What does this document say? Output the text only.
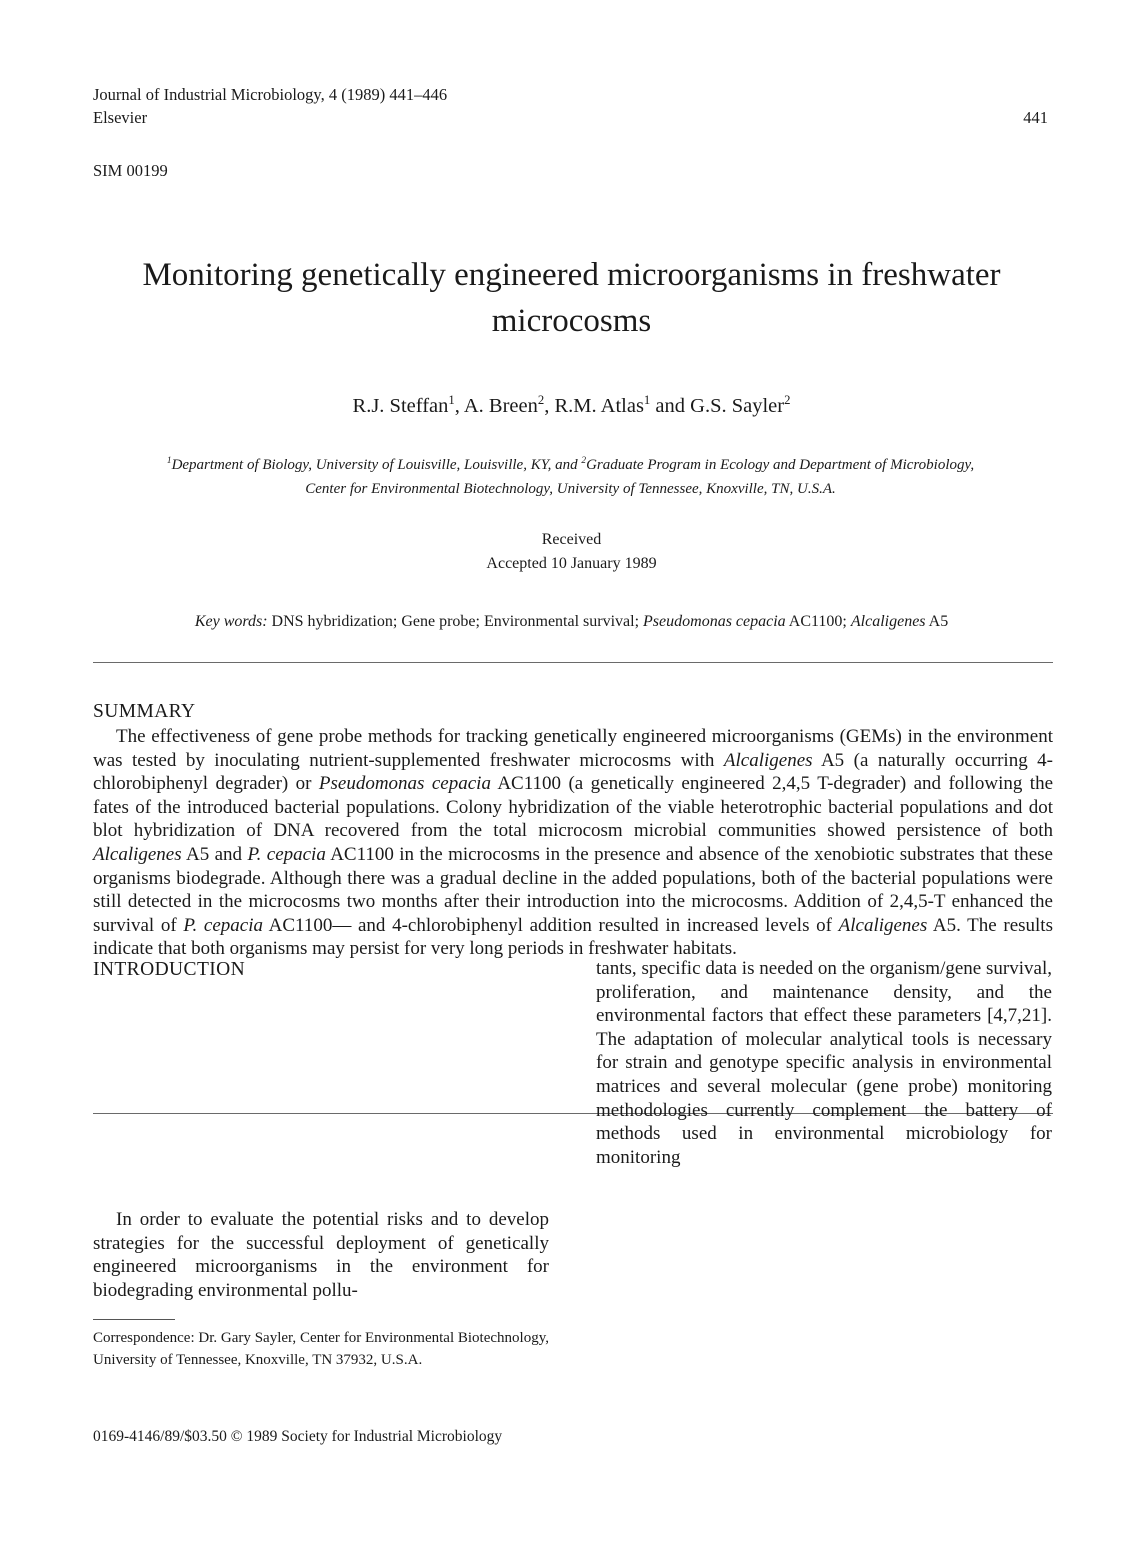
Journal of Industrial Microbiology, 4 (1989) 441–446
Elsevier	441
SIM 00199
Monitoring genetically engineered microorganisms in freshwater
microcosms
R.J. Steffan$^1$, A. Breen$^2$, R.M. Atlas$^1$ and G.S. Sayler$^2$
$^1$Department of Biology, University of Louisville, Louisville, KY, and $^2$Graduate Program in Ecology and Department of Microbiology,
Center for Environmental Biotechnology, University of Tennessee, Knoxville, TN, U.S.A.
Received
Accepted 10 January 1989
Key words: DNS hybridization; Gene probe; Environmental survival; Pseudomonas cepacia AC1100; Alcaligenes A5
SUMMARY
The effectiveness of gene probe methods for tracking genetically engineered microorganisms (GEMs) in the environment was tested by inoculating nutrient-supplemented freshwater microcosms with Alcaligenes A5 (a naturally occurring 4-chlorobiphenyl degrader) or Pseudomonas cepacia AC1100 (a genetically engineered 2,4,5 T-degrader) and following the fates of the introduced bacterial populations. Colony hybridization of the viable heterotrophic bacterial populations and dot blot hybridization of DNA recovered from the total microcosm microbial communities showed persistence of both Alcaligenes A5 and P. cepacia AC1100 in the microcosms in the presence and absence of the xenobiotic substrates that these organisms biodegrade. Although there was a gradual decline in the added populations, both of the bacterial populations were still detected in the microcosms two months after their introduction into the microcosms. Addition of 2,4,5-T enhanced the survival of P. cepacia AC1100— and 4-chlorobiphenyl addition resulted in increased levels of Alcaligenes A5. The results indicate that both organisms may persist for very long periods in freshwater habitats.
INTRODUCTION
In order to evaluate the potential risks and to develop strategies for the successful deployment of genetically engineered microorganisms in the environment for biodegrading environmental pollu-
tants, specific data is needed on the organism/gene survival, proliferation, and maintenance density, and the environmental factors that effect these parameters [4,7,21]. The adaptation of molecular analytical tools is necessary for strain and genotype specific analysis in environmental matrices and several molecular (gene probe) monitoring methodologies currently complement the battery of methods used in environmental microbiology for monitoring
Correspondence: Dr. Gary Sayler, Center for Environmental Biotechnology, University of Tennessee, Knoxville, TN 37932, U.S.A.
0169-4146/89/$03.50 © 1989 Society for Industrial Microbiology
